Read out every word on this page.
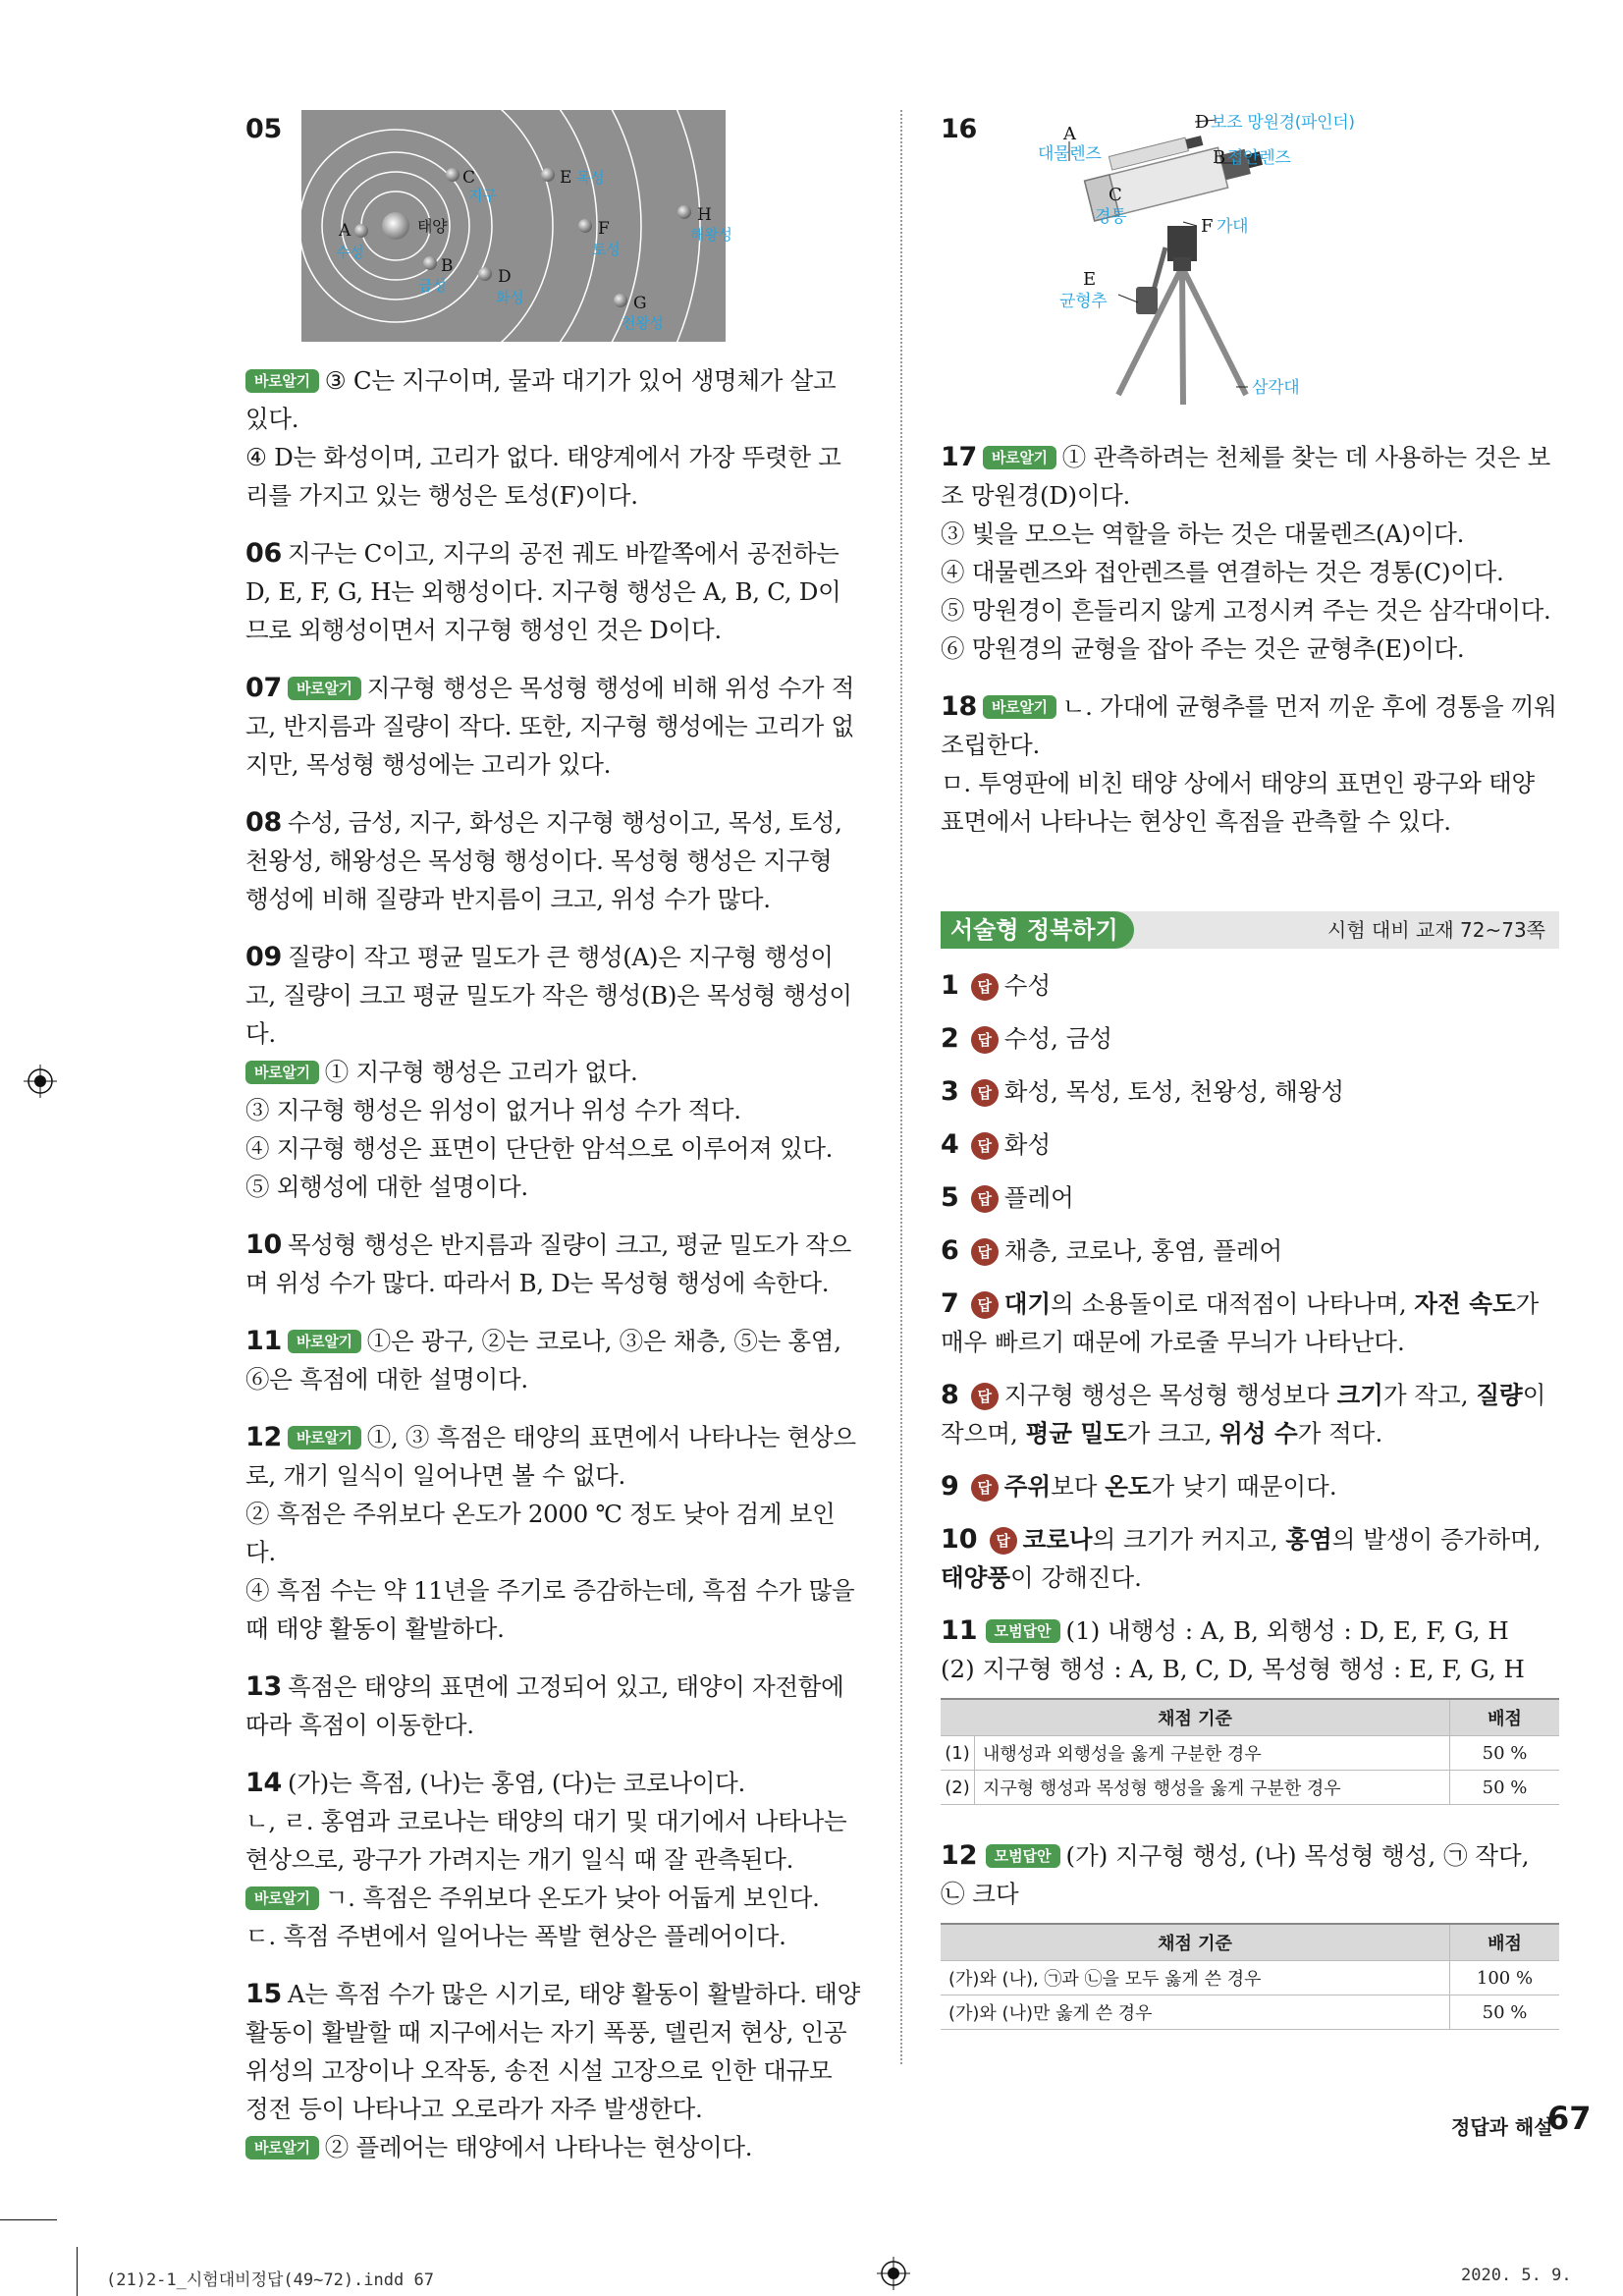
05
태양
A
수성
B
금성
C
지구
D
화성
E 목성
F
토성
G
천왕성
H
해왕성

바로알기 ③ C는 지구이며, 물과 대기가 있어 생명체가 살고 있다.

④ D는 화성이며, 고리가 없다. 태양계에서 가장 뚜렷한 고리를 가지고 있는 행성은 토성(F)이다.

06 지구는 C이고, 지구의 공전 궤도 바깥쪽에서 공전하는 D, E, F, G, H는 외행성이다. 지구형 행성은 A, B, C, D이므로 외행성이면서 지구형 행성인 것은 D이다.

07 바로알기 지구형 행성은 목성형 행성에 비해 위성 수가 적고, 반지름과 질량이 작다. 또한, 지구형 행성에는 고리가 없지만, 목성형 행성에는 고리가 있다.

08 수성, 금성, 지구, 화성은 지구형 행성이고, 목성, 토성, 천왕성, 해왕성은 목성형 행성이다. 목성형 행성은 지구형 행성에 비해 질량과 반지름이 크고, 위성 수가 많다.

09 질량이 작고 평균 밀도가 큰 행성(A)은 지구형 행성이고, 질량이 크고 평균 밀도가 작은 행성(B)은 목성형 행성이다.

바로알기 ① 지구형 행성은 고리가 없다.

③ 지구형 행성은 위성이 없거나 위성 수가 적다.

④ 지구형 행성은 표면이 단단한 암석으로 이루어져 있다.

⑤ 외행성에 대한 설명이다.

10 목성형 행성은 반지름과 질량이 크고, 평균 밀도가 작으며 위성 수가 많다. 따라서 B, D는 목성형 행성에 속한다.

11 바로알기 ①은 광구, ②는 코로나, ③은 채층, ⑤는 홍염, ⑥은 흑점에 대한 설명이다.

12 바로알기 ①, ③ 흑점은 태양의 표면에서 나타나는 현상으로, 개기 일식이 일어나면 볼 수 없다.

② 흑점은 주위보다 온도가 2000 ℃ 정도 낮아 검게 보인다.

④ 흑점 수는 약 11년을 주기로 증감하는데, 흑점 수가 많을 때 태양 활동이 활발하다.

13 흑점은 태양의 표면에 고정되어 있고, 태양이 자전함에 따라 흑점이 이동한다.

14 (가)는 흑점, (나)는 홍염, (다)는 코로나이다.

ㄴ, ㄹ. 홍염과 코로나는 태양의 대기 및 대기에서 나타나는 현상으로, 광구가 가려지는 개기 일식 때 잘 관측된다.

바로알기 ㄱ. 흑점은 주위보다 온도가 낮아 어둡게 보인다.

ㄷ. 흑점 주변에서 일어나는 폭발 현상은 플레어이다.

15 A는 흑점 수가 많은 시기로, 태양 활동이 활발하다. 태양 활동이 활발할 때 지구에서는 자기 폭풍, 델린저 현상, 인공위성의 고장이나 오작동, 송전 시설 고장으로 인한 대규모 정전 등이 나타나고 오로라가 자주 발생한다.

바로알기 ② 플레어는 태양에서 나타나는 현상이다.

16	A
대물렌즈	B 접안렌즈
C
경통
D 보조 망원경(파인더)
E
균형추
F 가대
삼각대

17 바로알기 ① 관측하려는 천체를 찾는 데 사용하는 것은 보조 망원경(D)이다.

③ 빛을 모으는 역할을 하는 것은 대물렌즈(A)이다.

④ 대물렌즈와 접안렌즈를 연결하는 것은 경통(C)이다.

⑤ 망원경이 흔들리지 않게 고정시켜 주는 것은 삼각대이다.

⑥ 망원경의 균형을 잡아 주는 것은 균형추(E)이다.

18 바로알기 ㄴ. 가대에 균형추를 먼저 끼운 후에 경통을 끼워 조립한다.

ㅁ. 투영판에 비친 태양 상에서 태양의 표면인 광구와 태양 표면에서 나타나는 현상인 흑점을 관측할 수 있다.

서술형 정복하기	시험 대비 교재 72~73쪽
1 답 수성
2 답 수성, 금성
3 답 화성, 목성, 토성, 천왕성, 해왕성
4 답 화성
5 답 플레어
6 답 채층, 코로나, 홍염, 플레어
7 답 대기의 소용돌이로 대적점이 나타나며, 자전 속도가 매우 빠르기 때문에 가로줄 무늬가 나타난다.
8 답 지구형 행성은 목성형 행성보다 크기가 작고, 질량이 작으며, 평균 밀도가 크고, 위성 수가 적다.
9 답 주위보다 온도가 낮기 때문이다.
10 답 코로나의 크기가 커지고, 홍염의 발생이 증가하며, 태양풍이 강해진다.
11 모범답안 (1) 내행성 : A, B, 외행성 : D, E, F, G, H
(2) 지구형 행성 : A, B, C, D, 목성형 행성 : E, F, G, H
채점 기준		배점
(1)	내행성과 외행성을 옳게 구분한 경우	50 %
(2)	지구형 행성과 목성형 행성을 옳게 구분한 경우	50 %
12 모범답안 (가) 지구형 행성, (나) 목성형 행성, ㉠ 작다, ㉡ 크다
채점 기준	배점
(가)와 (나), ㉠과 ㉡을 모두 옳게 쓴 경우	100 %
(가)와 (나)만 옳게 쓴 경우	50 %
정답과 해설
67
(21)2-1_시험대비정답(49~72).indd 67	2020. 5. 9.
